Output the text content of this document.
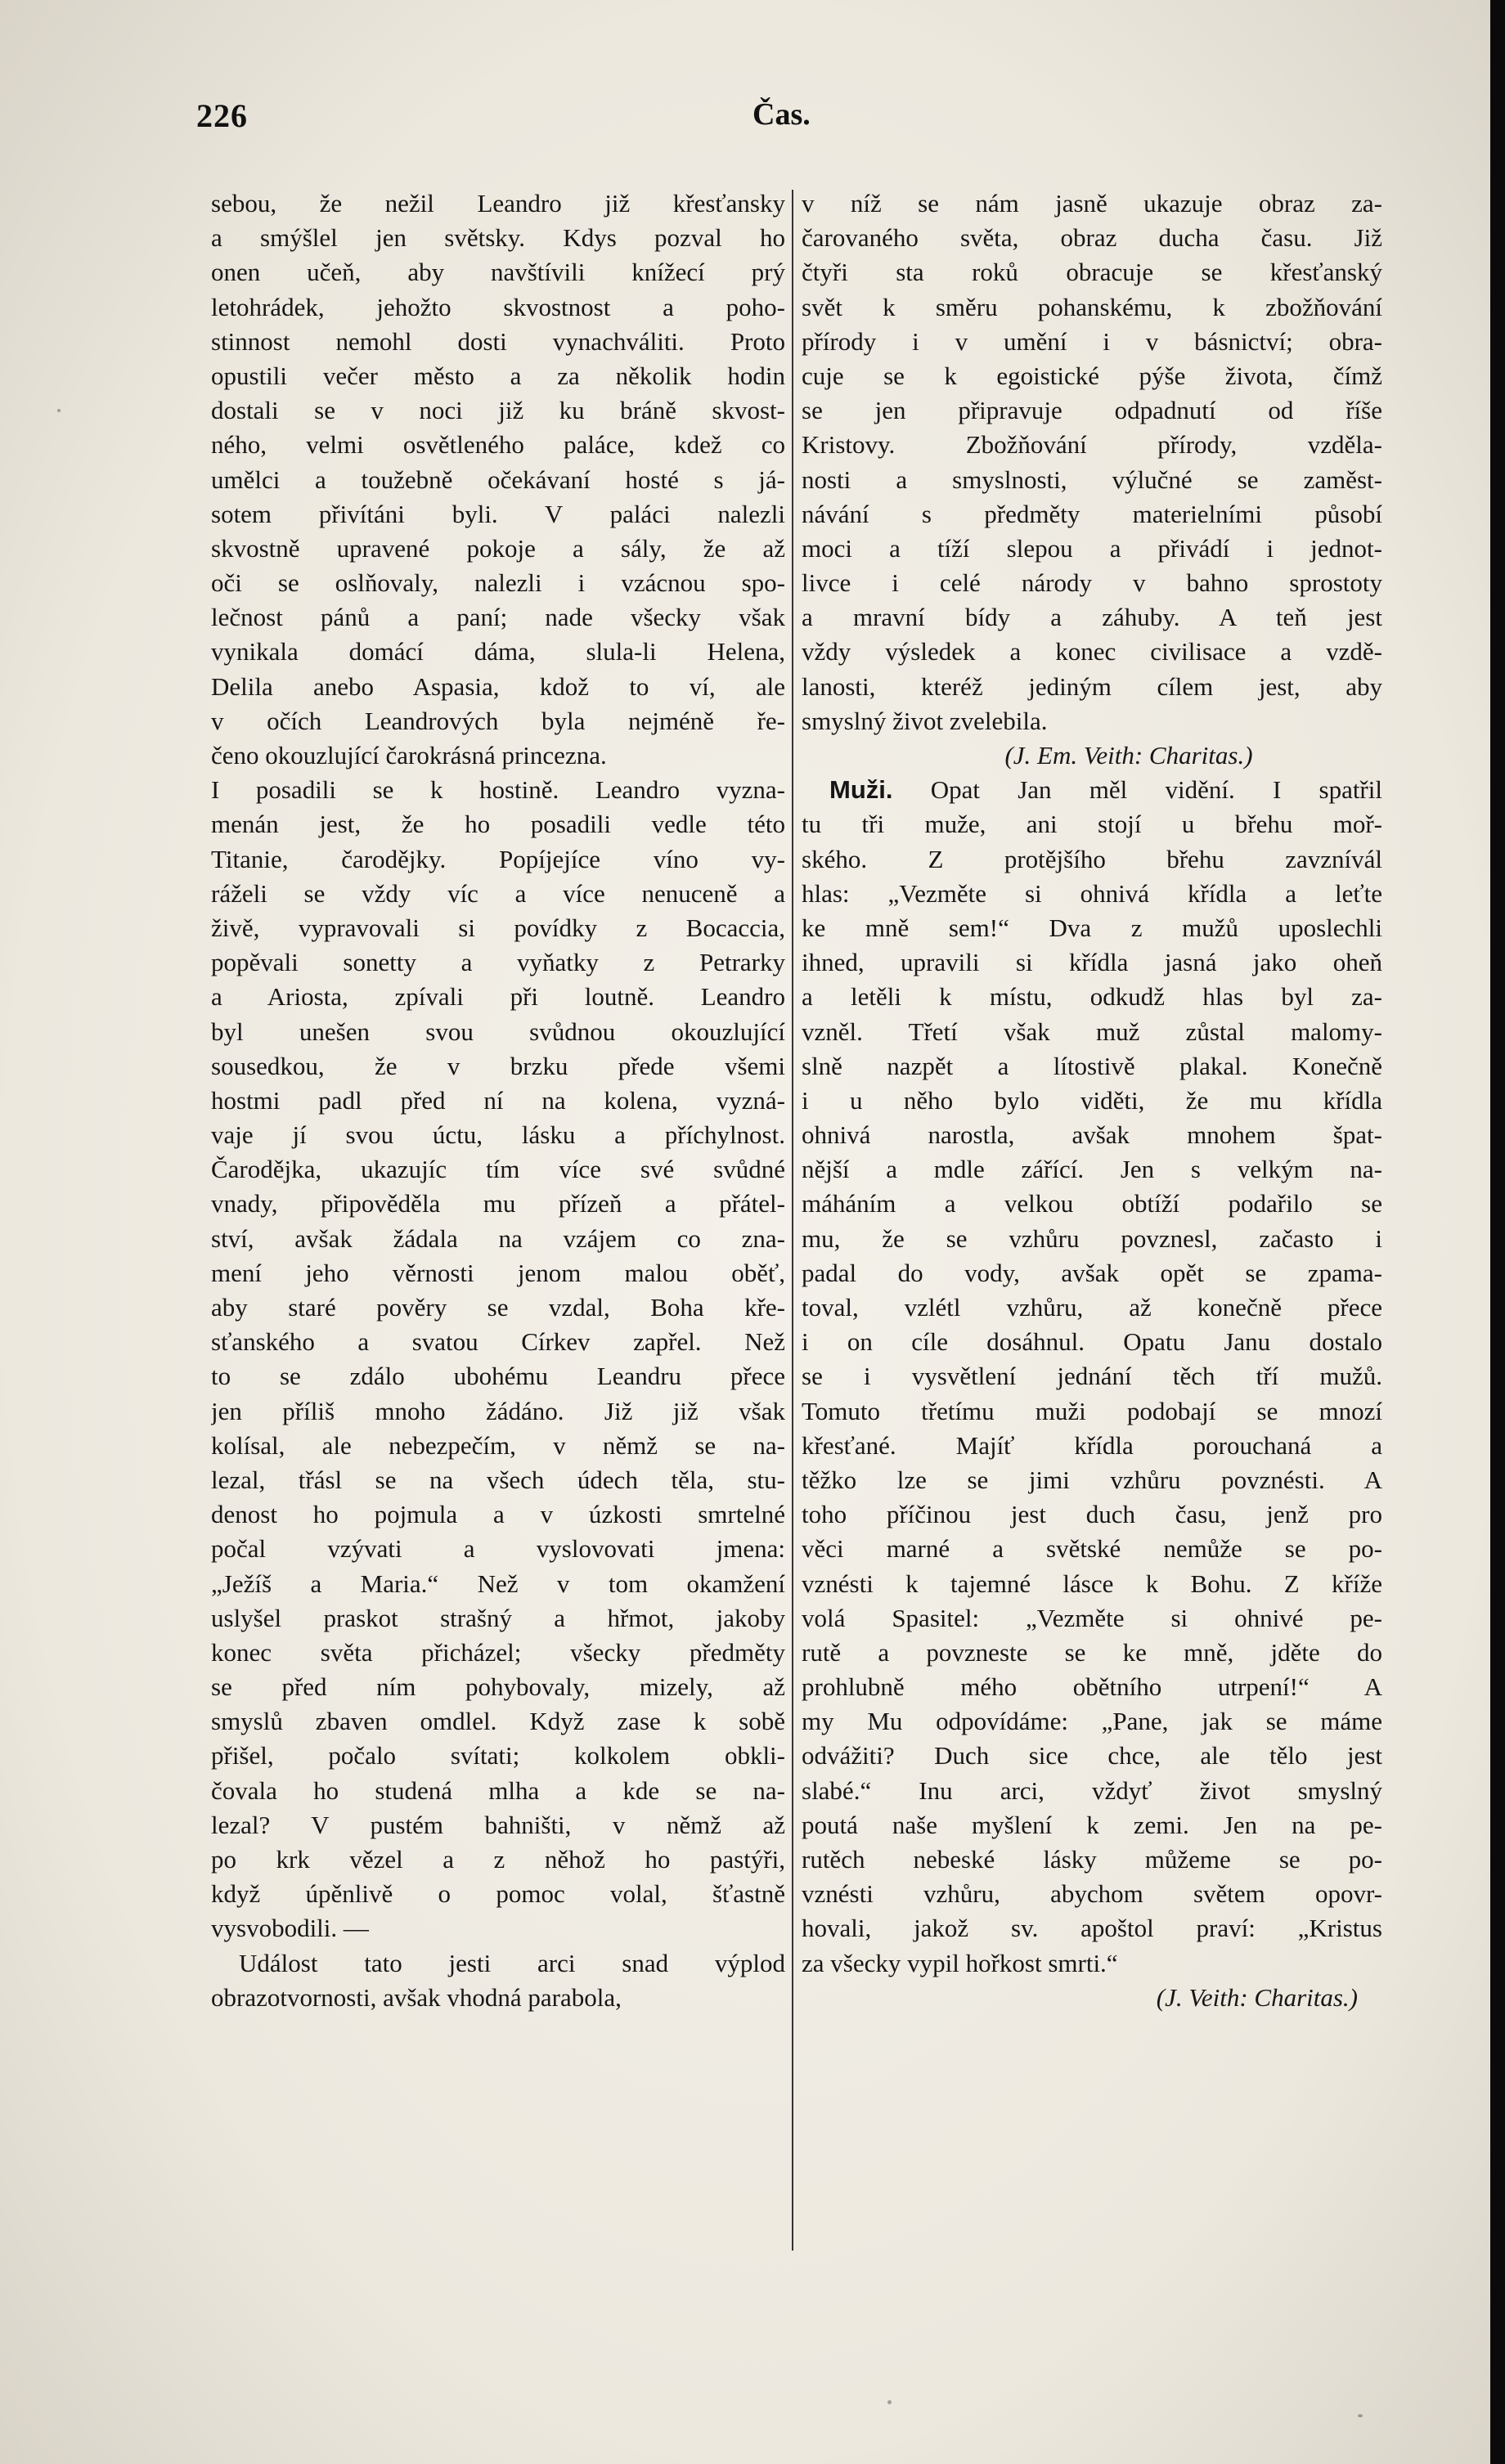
226	Čas.
sebou, že nežil Leandro již křesťansky
a smýšlel jen světsky. Kdys pozval ho
onen učeň, aby navštívili knížecí prý
letohrádek, jehožto skvostnost a poho-
stinnost nemohl dosti vynachváliti. Proto
opustili večer město a za několik hodin
dostali se v noci již ku bráně skvost-
ného, velmi osvětleného paláce, kdež co
umělci a toužebně očekávaní hosté s já-
sotem přivítáni byli. V paláci nalezli
skvostně upravené pokoje a sály, že až
oči se oslňovaly, nalezli i vzácnou spo-
lečnost pánů a paní; nade všecky však
vynikala domácí dáma, slula-li Helena,
Delila anebo Aspasia, kdož to ví, ale
v očích Leandrových byla nejméně ře-
čeno okouzlující čarokrásná princezna.
I posadili se k hostině. Leandro vyzna-
menán jest, že ho posadili vedle této
Titanie, čarodějky. Popíjejíce víno vy-
ráželi se vždy víc a více nenuceně a
živě, vypravovali si povídky z Bocaccia,
popěvali sonetty a vyňatky z Petrarky
a Ariosta, zpívali při loutně. Leandro
byl unešen svou svůdnou okouzlující
sousedkou, že v brzku přede všemi
hostmi padl před ní na kolena, vyzná-
vaje jí svou úctu, lásku a příchylnost.
Čarodějka, ukazujíc tím více své svůdné
vnady, připověděla mu přízeň a přátel-
ství, avšak žádala na vzájem co zna-
mení jeho věrnosti jenom malou oběť,
aby staré pověry se vzdal, Boha kře-
sťanského a svatou Církev zapřel. Než
to se zdálo ubohému Leandru přece
jen příliš mnoho žádáno. Již již však
kolísal, ale nebezpečím, v němž se na-
lezal, třásl se na všech údech těla, stu-
denost ho pojmula a v úzkosti smrtelné
počal vzývati a vyslovovati jmena:
„Ježíš a Maria.“ Než v tom okamžení
uslyšel praskot strašný a hřmot, jakoby
konec světa přicházel; všecky předměty
se před ním pohybovaly, mizely, až
smyslů zbaven omdlel. Když zase k sobě
přišel, počalo svítati; kolkolem obkli-
čovala ho studená mlha a kde se na-
lezal? V pustém bahništi, v němž až
po krk vězel a z něhož ho pastýři,
když úpěnlivě o pomoc volal, šťastně
vysvobodili. —
Událost tato jesti arci snad výplod
obrazotvornosti, avšak vhodná parabola,
v níž se nám jasně ukazuje obraz za-
čarovaného světa, obraz ducha času. Již
čtyři sta roků obracuje se křesťanský
svět k směru pohanskému, k zbožňování
přírody i v umění i v básnictví; obra-
cuje se k egoistické pýše života, čímž
se jen připravuje odpadnutí od říše
Kristovy. Zbožňování přírody, vzděla-
nosti a smyslnosti, výlučné se zaměst-
návání s předměty materielními působí
moci a tíží slepou a přivádí i jednot-
livce i celé národy v bahno sprostoty
a mravní bídy a záhuby. A teň jest
vždy výsledek a konec civilisace a vzdě-
lanosti, kteréž jediným cílem jest, aby
smyslný život zvelebila.
(J. Em. Veith: Charitas.)
Muži. Opat Jan měl vidění. I spatřil
tu tři muže, ani stojí u břehu moř-
ského. Z protějšího břehu zavznívál
hlas: „Vezměte si ohnivá křídla a leťte
ke mně sem!“ Dva z mužů uposlechli
ihned, upravili si křídla jasná jako oheň
a letěli k místu, odkudž hlas byl za-
vzněl. Třetí však muž zůstal malomy-
slně nazpět a lítostivě plakal. Konečně
i u něho bylo viděti, že mu křídla
ohnivá narostla, avšak mnohem špat-
nější a mdle zářící. Jen s velkým na-
máháním a velkou obtíží podařilo se
mu, že se vzhůru povznesl, začasto i
padal do vody, avšak opět se zpama-
toval, vzlétl vzhůru, až konečně přece
i on cíle dosáhnul. Opatu Janu dostalo
se i vysvětlení jednání těch tří mužů.
Tomuto třetímu muži podobají se mnozí
křesťané. Majíť křídla porouchaná a
těžko lze se jimi vzhůru povznésti. A
toho příčinou jest duch času, jenž pro
věci marné a světské nemůže se po-
vznésti k tajemné lásce k Bohu. Z kříže
volá Spasitel: „Vezměte si ohnivé pe-
rutě a povzneste se ke mně, jděte do
prohlubně mého obětního utrpení!“ A
my Mu odpovídáme: „Pane, jak se máme
odvážiti? Duch sice chce, ale tělo jest
slabé.“ Inu arci, vždyť život smyslný
poutá naše myšlení k zemi. Jen na pe-
rutěch nebeské lásky můžeme se po-
vznésti vzhůru, abychom světem opovr-
hovali, jakož sv. apoštol praví: „Kristus
za všecky vypil hořkost smrti.“
(J. Veith: Charitas.)
